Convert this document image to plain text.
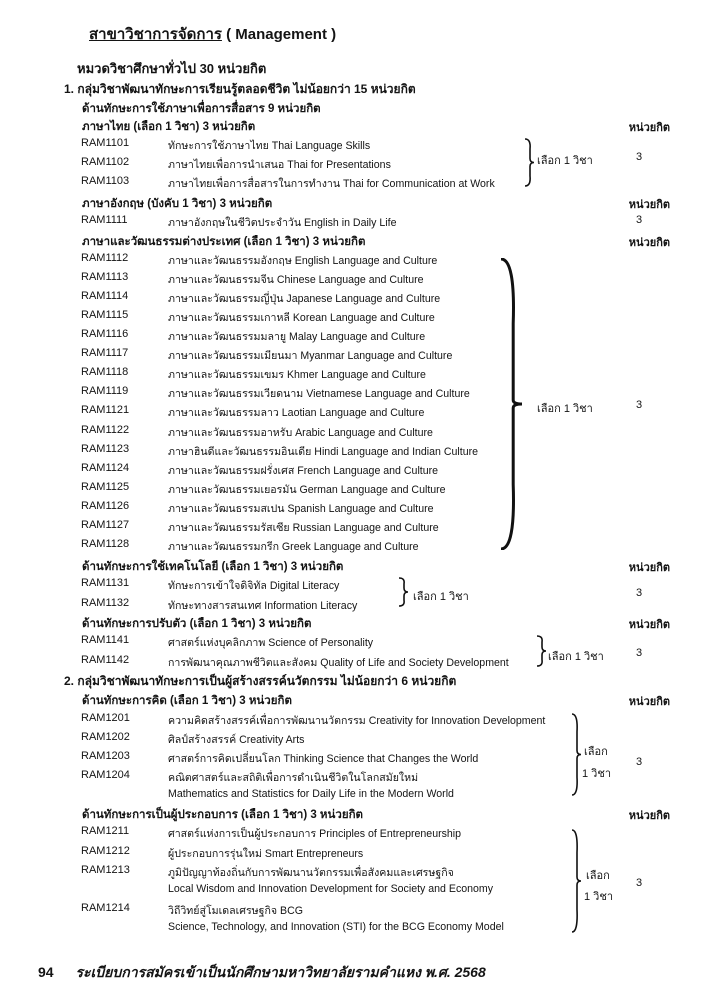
สาขาวิชาการจัดการ ( Management )
หมวดวิชาศึกษาทั่วไป 30 หน่วยกิต
1. กลุ่มวิชาพัฒนาทักษะการเรียนรู้ตลอดชีวิต ไม่น้อยกว่า 15 หน่วยกิต
ด้านทักษะการใช้ภาษาเพื่อการสื่อสาร 9 หน่วยกิต
ภาษาไทย (เลือก 1 วิชา) 3 หน่วยกิต	หน่วยกิต
RAM1101	ทักษะการใช้ภาษาไทย Thai Language Skills
RAM1102	ภาษาไทยเพื่อการนำเสนอ Thai for Presentations
RAM1103	ภาษาไทยเพื่อการสื่อสารในการทำงาน Thai for Communication at Work
เลือก 1 วิชา	3
ภาษาอังกฤษ (บังคับ 1 วิชา) 3 หน่วยกิต	หน่วยกิต
RAM1111	ภาษาอังกฤษในชีวิตประจำวัน English in Daily Life	3
ภาษาและวัฒนธรรมต่างประเทศ (เลือก 1 วิชา) 3 หน่วยกิต	หน่วยกิต
RAM1112	ภาษาและวัฒนธรรมอังกฤษ English Language and Culture
RAM1113	ภาษาและวัฒนธรรมจีน Chinese Language and Culture
RAM1114	ภาษาและวัฒนธรรมญี่ปุ่น Japanese Language and Culture
RAM1115	ภาษาและวัฒนธรรมเกาหลี Korean Language and Culture
RAM1116	ภาษาและวัฒนธรรมมลายู Malay Language and Culture
RAM1117	ภาษาและวัฒนธรรมเมียนมา Myanmar Language and Culture
RAM1118	ภาษาและวัฒนธรรมเขมร Khmer Language and Culture
RAM1119	ภาษาและวัฒนธรรมเวียดนาม Vietnamese Language and Culture
RAM1121	ภาษาและวัฒนธรรมลาว Laotian Language and Culture
RAM1122	ภาษาและวัฒนธรรมอาหรับ Arabic Language and Culture
RAM1123	ภาษาฮินดีและวัฒนธรรมอินเดีย Hindi Language and Indian Culture
RAM1124	ภาษาและวัฒนธรรมฝรั่งเศส French Language and Culture
RAM1125	ภาษาและวัฒนธรรมเยอรมัน German Language and Culture
RAM1126	ภาษาและวัฒนธรรมสเปน Spanish Language and Culture
RAM1127	ภาษาและวัฒนธรรมรัสเซีย Russian Language and Culture
RAM1128	ภาษาและวัฒนธรรมกรีก Greek Language and Culture
เลือก 1 วิชา	3
ด้านทักษะการใช้เทคโนโลยี (เลือก 1 วิชา) 3 หน่วยกิต	หน่วยกิต
RAM1131	ทักษะการเข้าใจดิจิทัล Digital Literacy
RAM1132	ทักษะทางสารสนเทศ Information Literacy
เลือก 1 วิชา	3
ด้านทักษะการปรับตัว (เลือก 1 วิชา) 3 หน่วยกิต	หน่วยกิต
RAM1141	ศาสตร์แห่งบุคลิกภาพ Science of Personality
RAM1142	การพัฒนาคุณภาพชีวิตและสังคม Quality of Life and Society Development	เลือก 1 วิชา	3
2. กลุ่มวิชาพัฒนาทักษะการเป็นผู้สร้างสรรค์นวัตกรรม ไม่น้อยกว่า 6 หน่วยกิต
ด้านทักษะการคิด (เลือก 1 วิชา) 3 หน่วยกิต	หน่วยกิต
RAM1201	ความคิดสร้างสรรค์เพื่อการพัฒนานวัตกรรม Creativity for Innovation Development
RAM1202	ศิลป์สร้างสรรค์ Creativity Arts
RAM1203	ศาสตร์การคิดเปลี่ยนโลก Thinking Science that Changes the World
RAM1204	คณิตศาสตร์และสถิติเพื่อการดำเนินชีวิตในโลกสมัยใหม่
Mathematics and Statistics for Daily Life in the Modern World
เลือก
1 วิชา
3
ด้านทักษะการเป็นผู้ประกอบการ (เลือก 1 วิชา) 3 หน่วยกิต	หน่วยกิต
RAM1211	ศาสตร์แห่งการเป็นผู้ประกอบการ Principles of Entrepreneurship
RAM1212	ผู้ประกอบการรุ่นใหม่ Smart Entrepreneurs
RAM1213	ภูมิปัญญาท้องถิ่นกับการพัฒนานวัตกรรมเพื่อสังคมและเศรษฐกิจ
Local Wisdom and Innovation Development for Society and Economy
RAM1214	วิถีวิทย์สู่โมเดลเศรษฐกิจ BCG
Science, Technology, and Innovation (STI) for the BCG Economy Model
เลือก
1 วิชา
3
94 ระเบียบการสมัครเข้าเป็นนักศึกษามหาวิทยาลัยรามคำแหง พ.ศ. 2568
